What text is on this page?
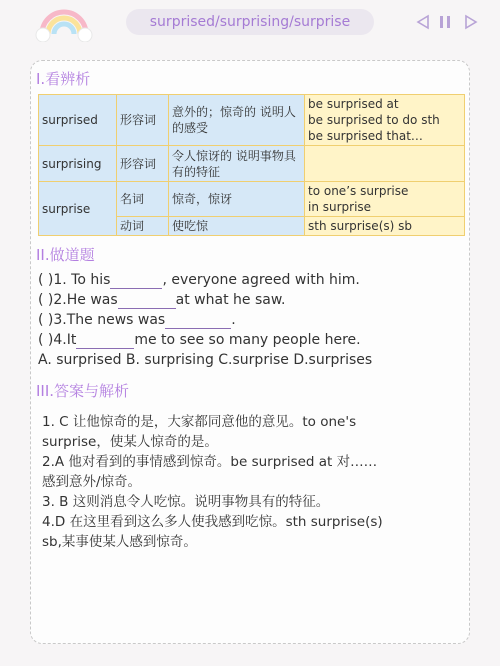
surprised/surprising/surprise
I.看辨析
surprised	形容词	意外的；惊奇的 说明人的感受	be surprised at
be surprised to do sth
be surprised that…

surprising	形容词	令人惊讶的 说明事物具有的特征	
surprise	名词	惊奇，惊讶	to one’s surprise
in surprise

	动词	使吃惊	sth surprise(s) sb
II.做道题
( )1. To his	, everyone agreed with him.
( )2.He was	at what he saw.
( )3.The news was	.
( )4.It	me to see so many people here.
A. surprised B. surprising C.surprise D.surprises
III.答案与解析
1. C 让他惊奇的是，大家都同意他的意见。to one's
surprise，使某人惊奇的是。
2.A 他对看到的事情感到惊奇。be surprised at 对……
感到意外/惊奇。
3. B 这则消息令人吃惊。说明事物具有的特征。
4.D 在这里看到这么多人使我感到吃惊。sth surprise(s)
sb,某事使某人感到惊奇。
